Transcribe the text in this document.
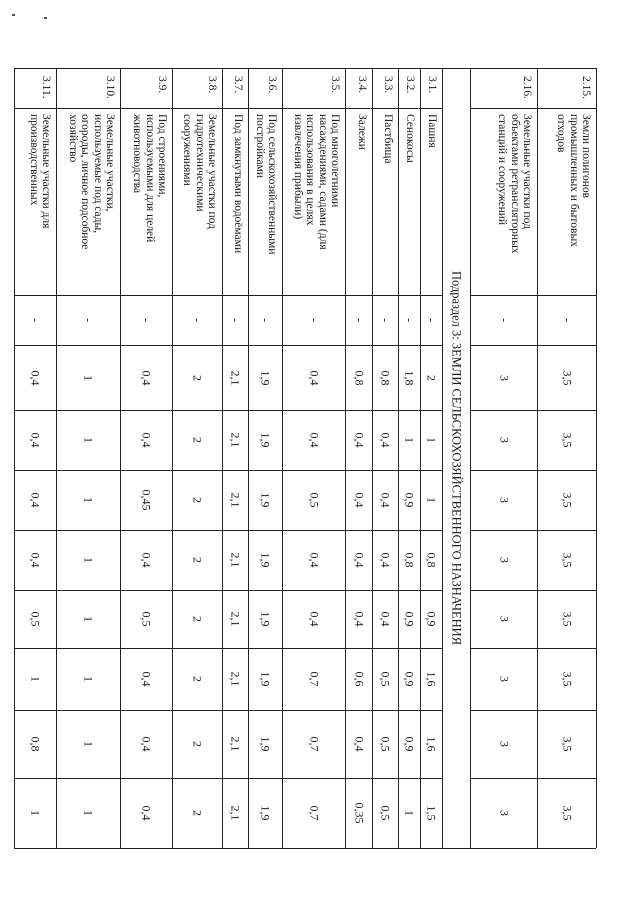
2.15.
Земли полигонов
промышленных и бытовых
отходов
-
3,5
3,5
3,5
3,5
3,5
3,5
3,5
3,5
2.16.
Земельные участки под
объектами ретрансляторных
станций и сооружений
-
3
3
3
3
3
3
3
3
3.1.
Пашня
-
2
1
1
0,8
0,9
1,6
1,6
1,5
3.2.
Сенокосы
-
1,8
1
0,9
0,8
0,9
0,9
0,9
1
3.3.
Пастбища
-
0,8
0,4
0,4
0,4
0,4
0,5
0,5
0,5
3.4.
Залежи
-
0,8
0,4
0,4
0,4
0,4
0,6
0,4
0,35
3.5.
Под многолетними
насаждениями, садами (для
использования в целях
извлечения прибыли)
-
0,4
0,4
0,5
0,4
0,4
0,7
0,7
0,7
3.6.
Под сельскохозяйственными
постройками
-
1,9
1,9
1,9
1,9
1,9
1,9
1,9
1,9
3.7.
Под замкнутыми водоёмами
-
2,1
2,1
2,1
2,1
2,1
2,1
2,1
2,1
3.8.
Земельные участки под
гидротехническими
сооружениями
-
2
2
2
2
2
2
2
2
3.9.
Под строениями,
используемыми для целей
животноводства
-
0,4
0,4
0,45
0,4
0,5
0,4
0,4
0,4
3.10.
Земельные участки,
используемые под сады,
огороды, личное подсобное
хозяйство
-
1
1
1
1
1
1
1
1
3.11.
Земельные участки для
производственных
-
0,4
0,4
0,4
0,4
0,5
1
0,8
1
Подраздел 3: ЗЕМЛИ СЕЛЬСКОХОЗЯЙСТВЕННОГО НАЗНАЧЕНИЯ
